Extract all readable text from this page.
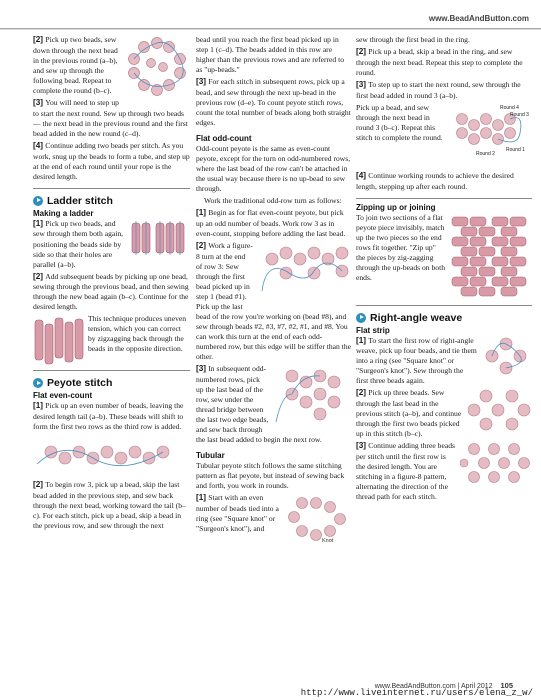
www.BeadAndButton.com

[2] Pick up two beads, sew down through the next bead in the previous round (a–b), and sew up through the following bead. Repeat to complete the round (b–c).

[3] You will need to step up to start the next round. Sew up through two beads — the next bead in the previous round and the first bead added in the new round (c–d).

[4] Continue adding two beads per stitch. As you work, snug up the beads to form a tube, and step up at the end of each round until your rope is the desired length.

Ladder stitch
Making a ladder

[1] Pick up two beads, and sew through them both again, positioning the beads side by side so that their holes are parallel (a–b).

[2] Add subsequent beads by picking up one bead, sewing through the previous bead, and then sewing through the new bead again (b–c). Continue for the desired length.

This technique produces uneven tension, which you can correct by zigzagging back through the beads in the opposite direction.

Peyote stitch
Flat even-count

[1] Pick up an even number of beads, leaving the desired length tail (a–b). These beads will shift to form the first two rows as the third row is added.

[2] To begin row 3, pick up a bead, skip the last bead added in the previous step, and sew back through the next bead, working toward the tail (b–c). For each stitch, pick up a bead, skip a bead in the previous row, and sew through the next

bead until you reach the first bead picked up in step 1 (c–d). The beads added in this row are higher than the previous rows and are referred to as "up-beads."

[3] For each stitch in subsequent rows, pick up a bead, and sew through the next up-bead in the previous row (d–e). To count peyote stitch rows, count the total number of beads along both straight edges.

Flat odd-count

Odd-count peyote is the same as even-count peyote, except for the turn on odd-numbered rows, where the last bead of the row can't be attached in the usual way because there is no up-bead to sew through.

Work the traditional odd-row turn as follows:

[1] Begin as for flat even-count peyote, but pick up an odd number of beads. Work row 3 as in even-count, stopping before adding the last bead.

[2] Work a figure-8 turn at the end of row 3: Sew through the first bead picked up in step 1 (bead #1). Pick up the last bead of the row you're working on (bead #8), and sew through beads #2, #3, #7, #2, #1, and #8. You can work this turn at the end of each odd-numbered row, but this edge will be stiffer than the other.

[3] In subsequent odd-numbered rows, pick up the last bead of the row, sew under the thread bridge between the last two edge beads, and sew back through the last bead added to begin the next row.

Tubular

Tubular peyote stitch follows the same stitching pattern as flat peyote, but instead of sewing back and forth, you work in rounds.

Knot

[1] Start with an even number of beads tied into a ring (see "Square knot" or "Surgeon's knot"), and

sew through the first bead in the ring.

[2] Pick up a bead, skip a bead in the ring, and sew through the next bead. Repeat this step to complete the round.

[3] To step up to start the next round, sew through the first bead added in round 3 (a–b).

Round 4
Round 3
Round 2
Round 1

Pick up a bead, and sew through the next bead in round 3 (b–c). Repeat this stitch to complete the round.

[4] Continue working rounds to achieve the desired length, stepping up after each round.

Zipping up or joining

To join two sections of a flat peyote piece invisibly, match up the two pieces so the end rows fit together. "Zip up" the pieces by zig-zagging through the up-beads on both ends.

Right-angle weave
Flat strip

[1] To start the first row of right-angle weave, pick up four beads, and tie them into a ring (see "Square knot" or "Surgeon's knot"). Sew through the first three beads again.

[2] Pick up three beads. Sew through the last bead in the previous stitch (a–b), and continue through the first two beads picked up in this stitch (b–c).

[3] Continue adding three beads per stitch until the first row is the desired length. You are stitching in a figure-8 pattern, alternating the direction of the thread path for each stitch.

www.BeadAndButton.com | April 2012 105
http://www.liveinternet.ru/users/elena_z_w/
